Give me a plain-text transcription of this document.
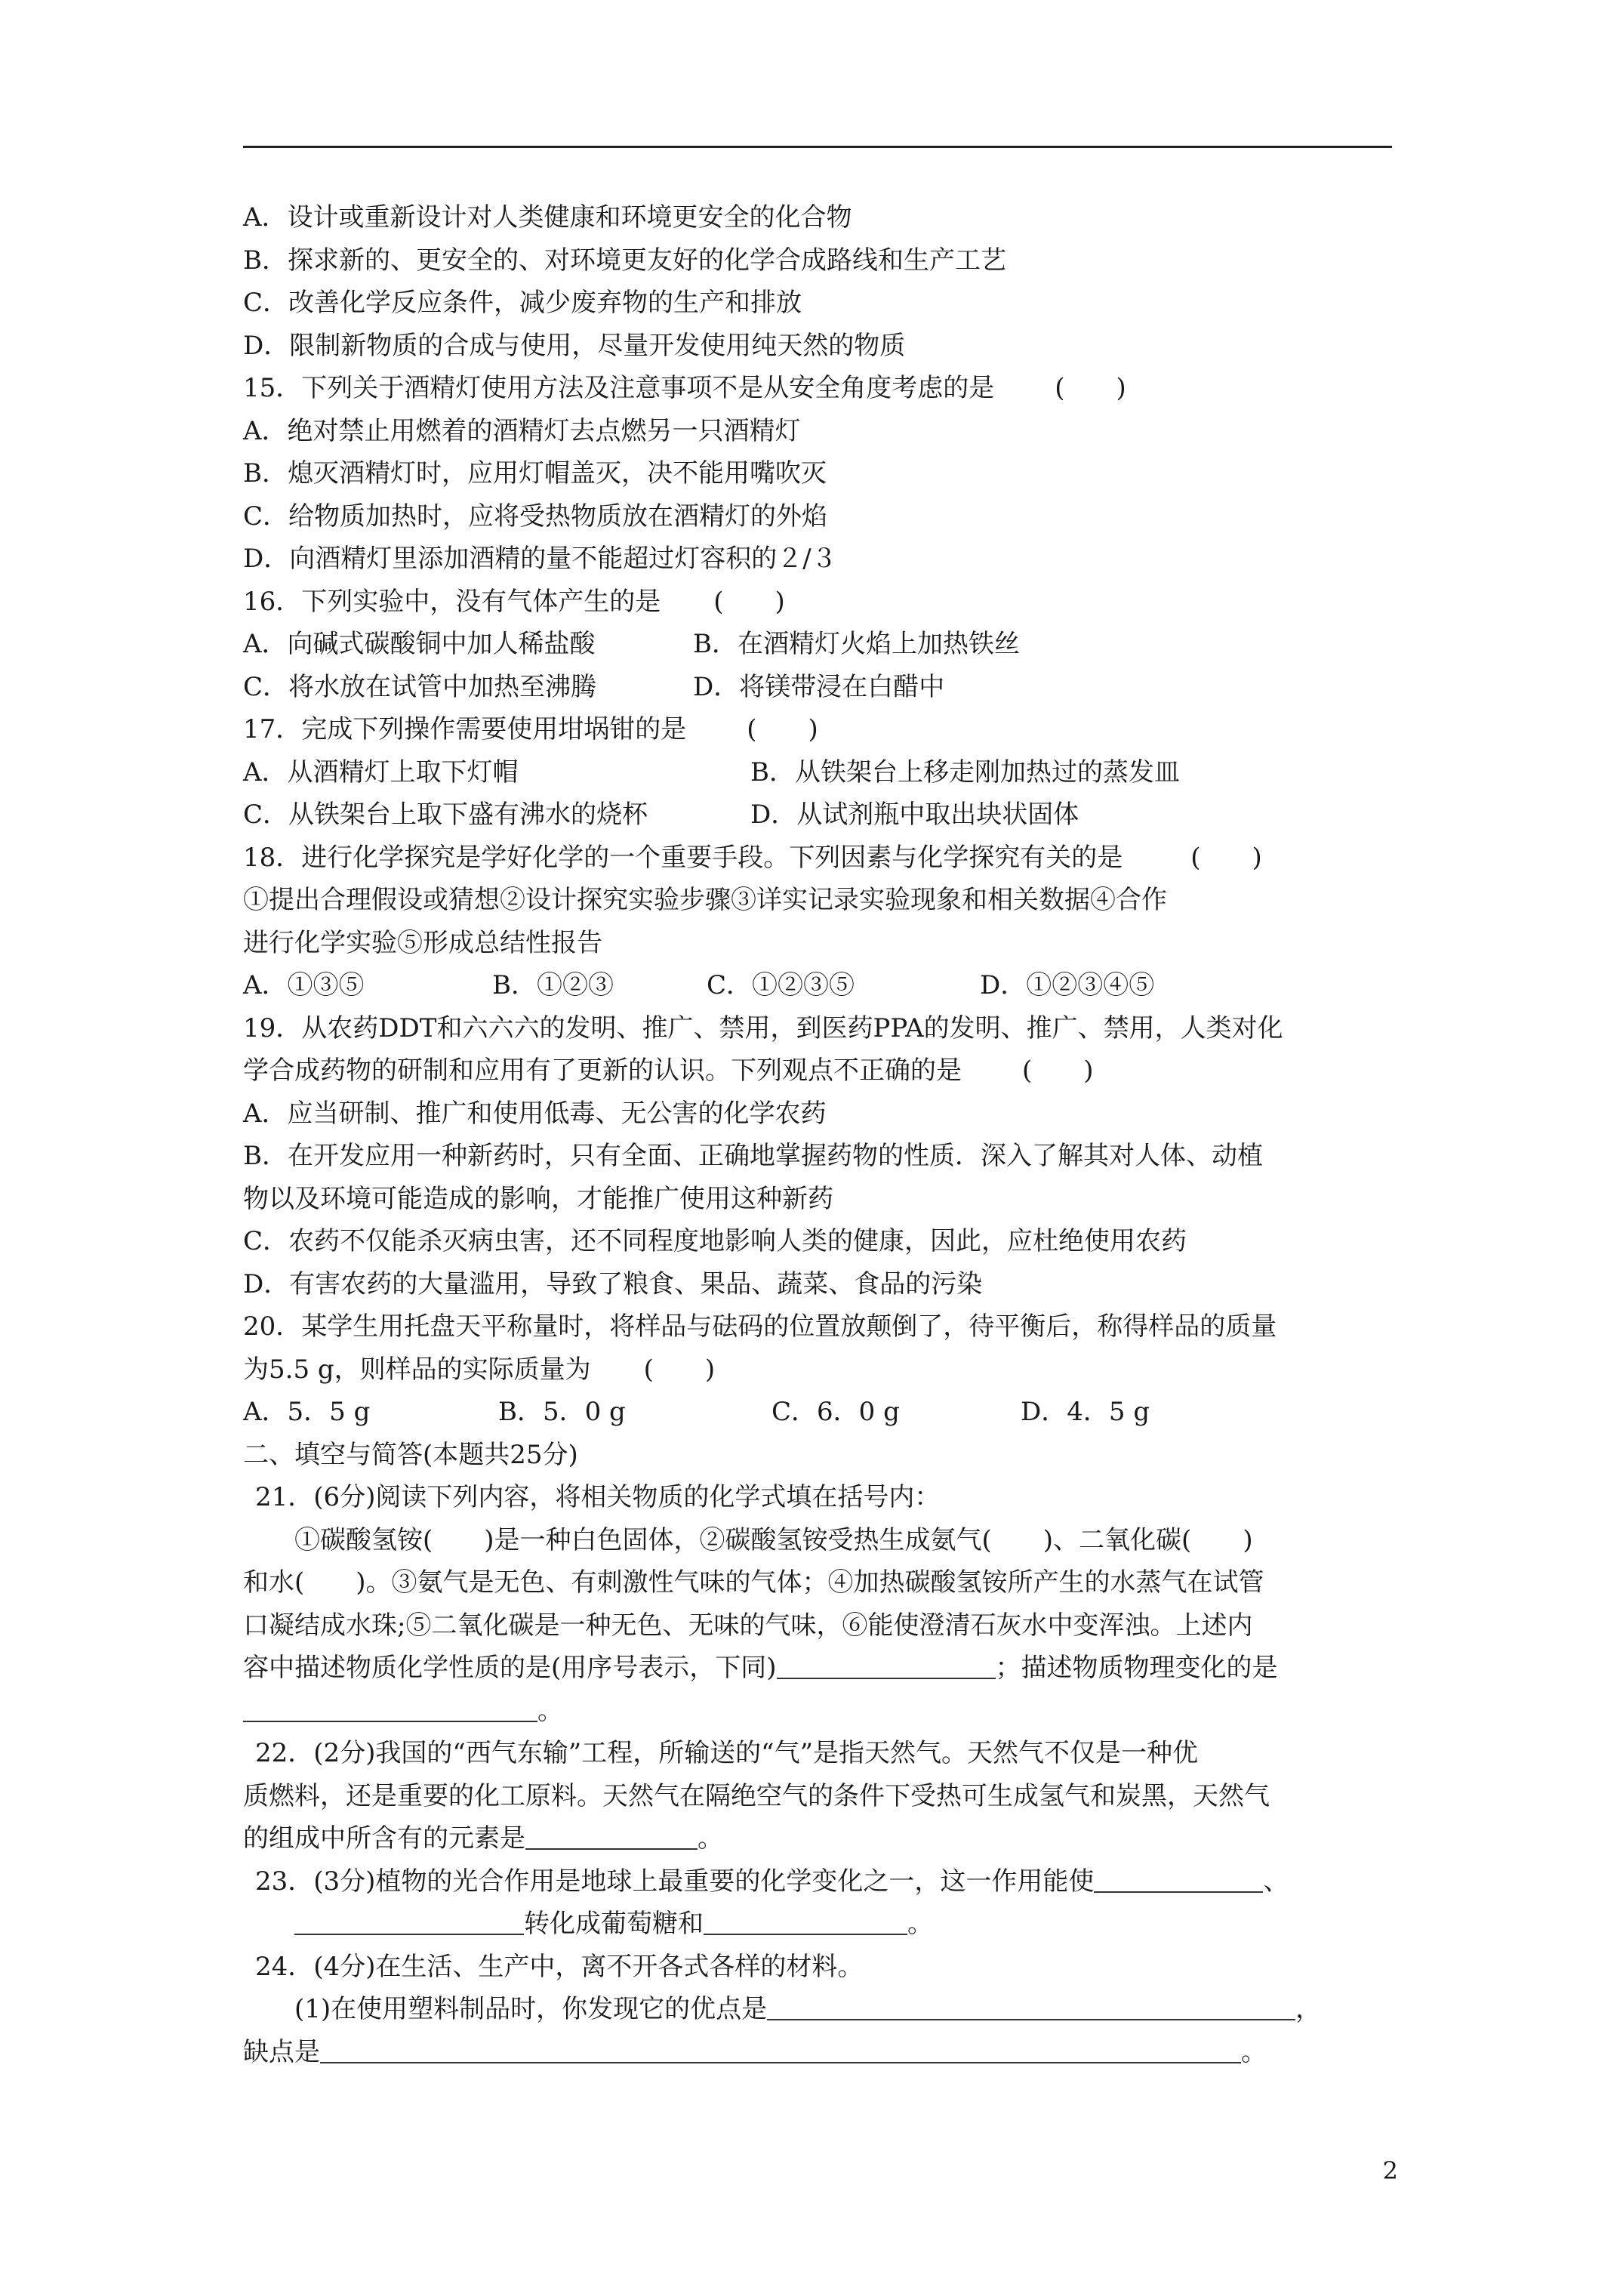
A．设计或重新设计对人类健康和环境更安全的化合物
B．探求新的、更安全的、对环境更友好的化学合成路线和生产工艺
C．改善化学反应条件，减少废弃物的生产和排放
D．限制新物质的合成与使用，尽量开发使用纯天然的物质
15．下列关于酒精灯使用方法及注意事项不是从安全角度考虑的是 (　　)
A．绝对禁止用燃着的酒精灯去点燃另一只酒精灯
B．熄灭酒精灯时，应用灯帽盖灭，决不能用嘴吹灭
C．给物质加热时，应将受热物质放在酒精灯的外焰
D．向酒精灯里添加酒精的量不能超过灯容积的２/３
16．下列实验中，没有气体产生的是 (　　)
A．向碱式碳酸铜中加人稀盐酸	B．在酒精灯火焰上加热铁丝
C．将水放在试管中加热至沸腾	D．将镁带浸在白醋中
17．完成下列操作需要使用坩埚钳的是 (　　)
A．从酒精灯上取下灯帽	B．从铁架台上移走刚加热过的蒸发皿
C．从铁架台上取下盛有沸水的烧杯	D．从试剂瓶中取出块状固体
18．进行化学探究是学好化学的一个重要手段。下列因素与化学探究有关的是	(　　)
①提出合理假设或猜想②设计探究实验步骤③详实记录实验现象和相关数据④合作
进行化学实验⑤形成总结性报告
A．①③⑤	B．①②③	C．①②③⑤	D．①②③④⑤
19．从农药DDT和六六六的发明、推广、禁用，到医药PPA的发明、推广、禁用，人类对化
学合成药物的研制和应用有了更新的认识。下列观点不正确的是 (　　)
A．应当研制、推广和使用低毒、无公害的化学农药
B．在开发应用一种新药时，只有全面、正确地掌握药物的性质．深入了解其对人体、动植
物以及环境可能造成的影响，才能推广使用这种新药
C．农药不仅能杀灭病虫害，还不同程度地影响人类的健康，因此，应杜绝使用农药
D．有害农药的大量滥用，导致了粮食、果品、蔬菜、食品的污染
20．某学生用托盘天平称量时，将样品与砝码的位置放颠倒了，待平衡后，称得样品的质量
为5.5 g，则样品的实际质量为 (　　)
A．5．5 g	B．5．0 g	C．6．0 g	D．4．5 g
二、填空与简答(本题共25分)
21．(6分)阅读下列内容，将相关物质的化学式填在括号内：
①碳酸氢铵(　　)是一种白色固体，②碳酸氢铵受热生成氨气(　　)、二氧化碳(　　)
和水(　　)。③氨气是无色、有刺激性气味的气体；④加热碳酸氢铵所产生的水蒸气在试管
口凝结成水珠;⑤二氧化碳是一种无色、无味的气味，⑥能使澄清石灰水中变浑浊。上述内
容中描述物质化学性质的是(用序号表示，下同)	；描述物质物理变化的是
。
22．(2分)我国的“西气东输”工程，所输送的“气”是指天然气。天然气不仅是一种优
质燃料，还是重要的化工原料。天然气在隔绝空气的条件下受热可生成氢气和炭黑，天然气
的组成中所含有的元素是	。
23．(3分)植物的光合作用是地球上最重要的化学变化之一，这一作用能使	、
转化成葡萄糖和	。
24．(4分)在生活、生产中，离不开各式各样的材料。
(1)在使用塑料制品时，你发现它的优点是	，
缺点是	。
2
